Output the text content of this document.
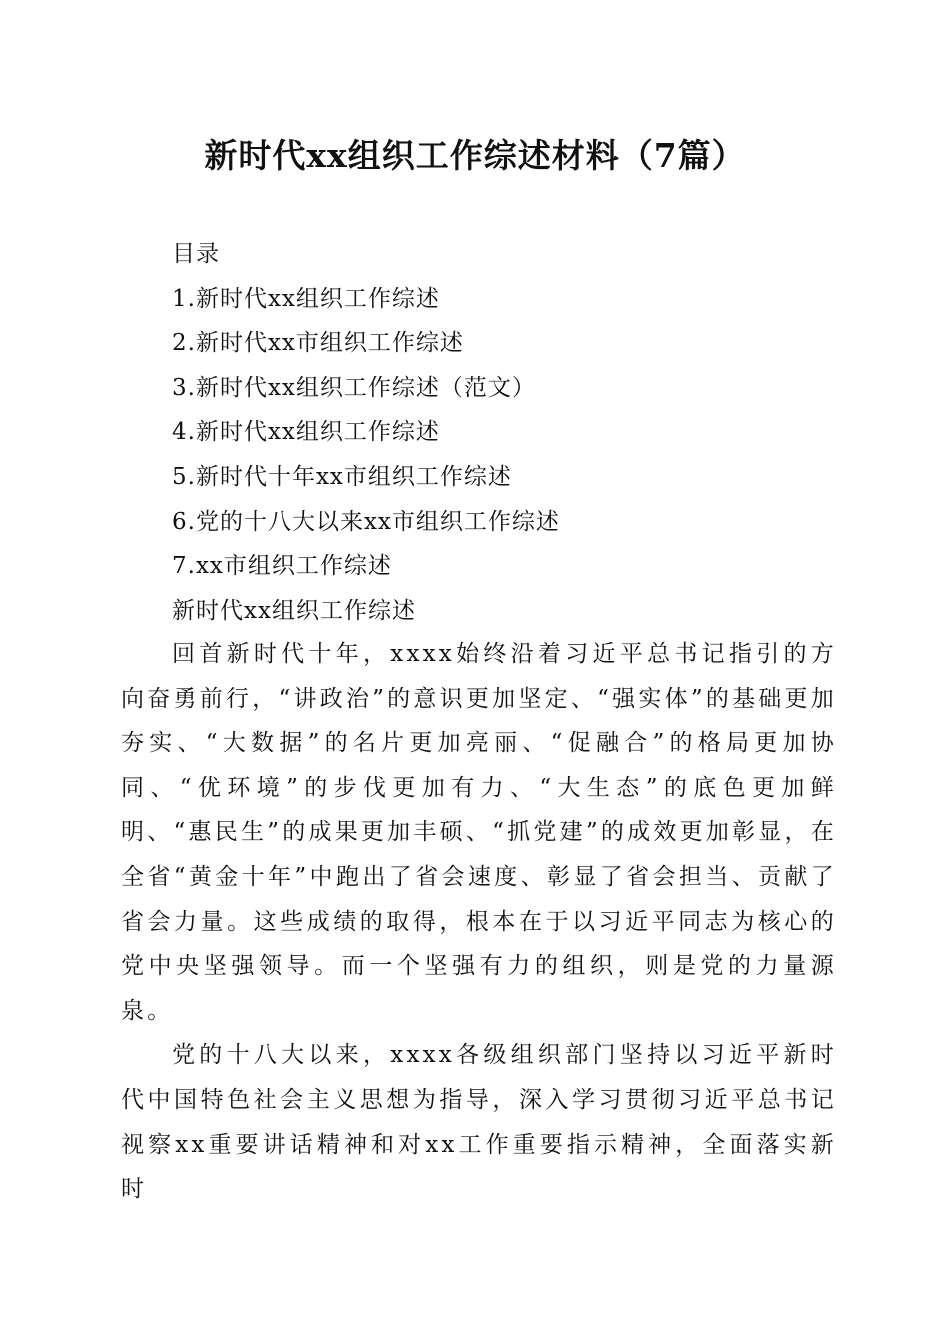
新时代xx组织工作综述材料（7篇）
目录
1.新时代xx组织工作综述
2.新时代xx市组织工作综述
3.新时代xx组织工作综述（范文）
4.新时代xx组织工作综述
5.新时代十年xx市组织工作综述
6.党的十八大以来xx市组织工作综述
7.xx市组织工作综述
新时代xx组织工作综述

回首新时代十年，xxxx始终沿着习近平总书记指引的方向奋勇前行，“讲政治”的意识更加坚定、“强实体”的基础更加夯实、“大数据”的名片更加亮丽、“促融合”的格局更加协同、“优环境”的步伐更加有力、“大生态”的底色更加鲜明、“惠民生”的成果更加丰硕、“抓党建”的成效更加彰显，在全省“黄金十年”中跑出了省会速度、彰显了省会担当、贡献了省会力量。这些成绩的取得，根本在于以习近平同志为核心的党中央坚强领导。而一个坚强有力的组织，则是党的力量源泉。

党的十八大以来，xxxx各级组织部门坚持以习近平新时代中国特色社会主义思想为指导，深入学习贯彻习近平总书记视察xx重要讲话精神和对xx工作重要指示精神，全面落实新时
